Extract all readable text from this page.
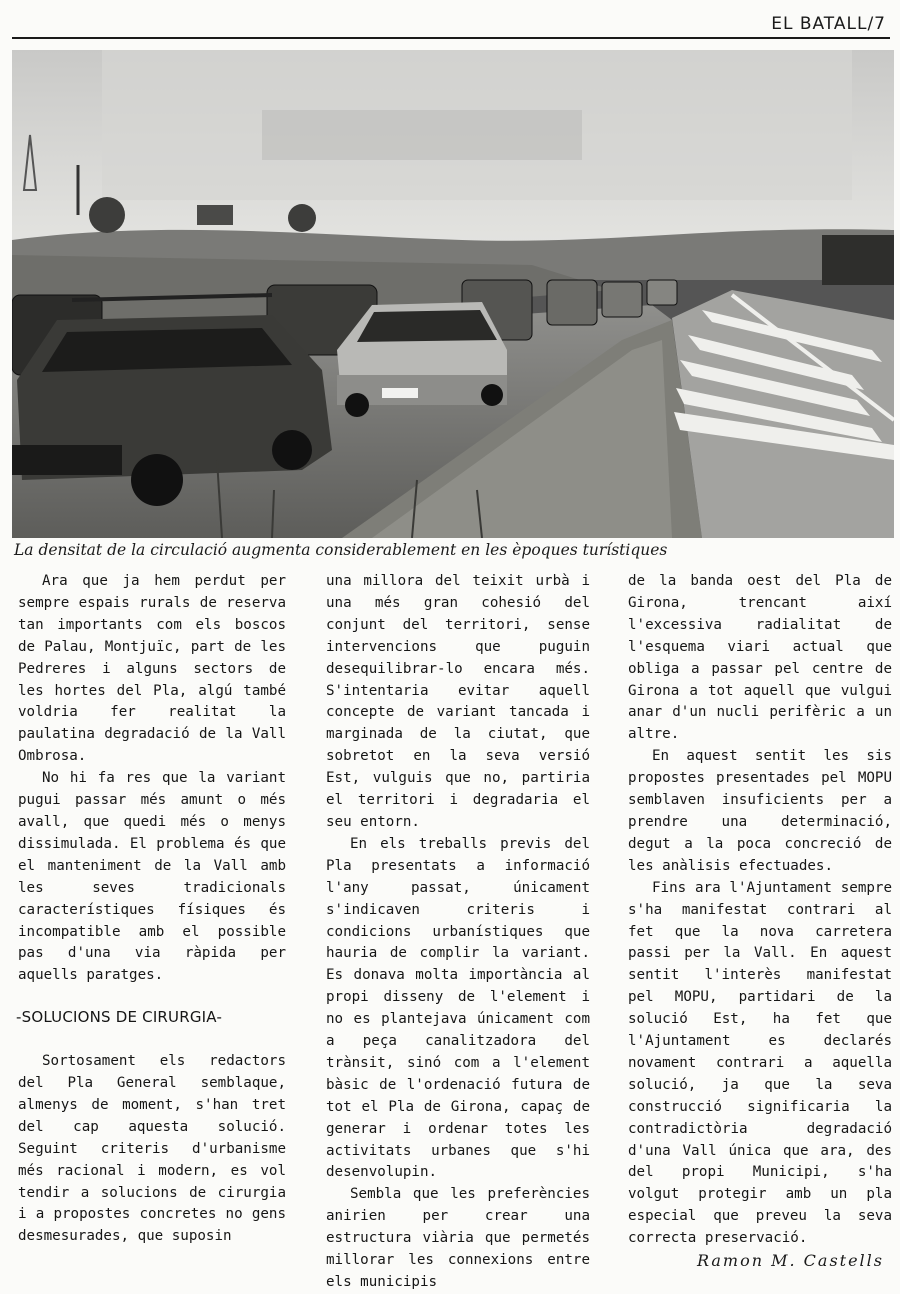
EL BATALL/7
La densitat de la circulació augmenta considerablement en les èpoques turístiques

Ara que ja hem perdut per sempre espais rurals de reserva tan importants com els boscos de Palau, Montjuïc, part de les Pedreres i alguns sectors de les hortes del Pla, algú també voldria fer realitat la paulatina degradació de la Vall Ombrosa.

No hi fa res que la variant pugui passar més amunt o més avall, que quedi més o menys dissimulada. El problema és que el manteniment de la Vall amb les seves tradicionals característiques físiques és incompatible amb el possible pas d'una via ràpida per aquells paratges.

-SOLUCIONS DE CIRURGIA-

Sortosament els redactors del Pla General semblaque, almenys de moment, s'han tret del cap aquesta solució. Seguint criteris d'urbanisme més racional i modern, es vol tendir a solucions de cirurgia i a propostes concretes no gens desmesurades, que suposin

una millora del teixit urbà i una més gran cohesió del conjunt del territori, sense intervencions que puguin desequilibrar-lo encara més. S'intentaria evitar aquell concepte de variant tancada i marginada de la ciutat, que sobretot en la seva versió Est, vulguis que no, partiria el territori i degradaria el seu entorn.

En els treballs previs del Pla presentats a informació l'any passat, únicament s'indicaven criteris i condicions urbanístiques que hauria de complir la variant. Es donava molta importància al propi disseny de l'element i no es plantejava únicament com a peça canalitzadora del trànsit, sinó com a l'element bàsic de l'ordenació futura de tot el Pla de Girona, capaç de generar i ordenar totes les activitats urbanes que s'hi desenvolupin.

Sembla que les preferències anirien per crear una estructura viària que permetés millorar les connexions entre els municipis

de la banda oest del Pla de Girona, trencant així l'excessiva radialitat de l'esquema viari actual que obliga a passar pel centre de Girona a tot aquell que vulgui anar d'un nucli perifèric a un altre.

En aquest sentit les sis propostes presentades pel MOPU semblaven insuficients per a prendre una determinació, degut a la poca concreció de les anàlisis efectuades.

Fins ara l'Ajuntament sempre s'ha manifestat contrari al fet que la nova carretera passi per la Vall. En aquest sentit l'interès manifestat pel MOPU, partidari de la solució Est, ha fet que l'Ajuntament es declarés novament contrari a aquella solució, ja que la seva construcció significaria la contradictòria degradació d'una Vall única que ara, des del propi Municipi, s'ha volgut protegir amb un pla especial que preveu la seva correcta preservació.

Ramon M. Castells
